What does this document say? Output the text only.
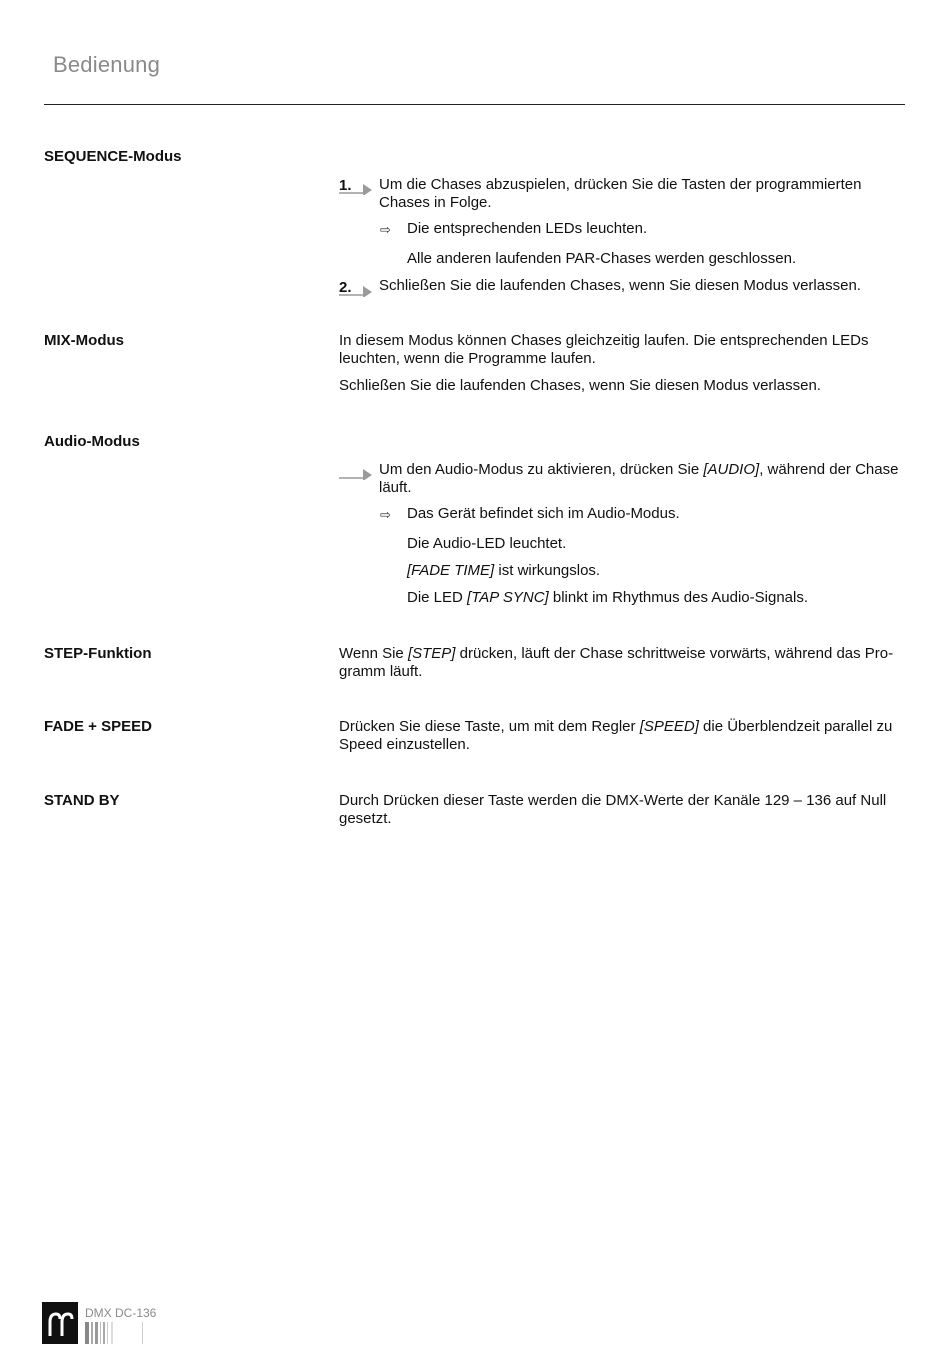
Bedienung
SEQUENCE-Modus
1. Um die Chases abzuspielen, drücken Sie die Tasten der programmierten Chases in Folge.
⇨ Die entsprechenden LEDs leuchten.
Alle anderen laufenden PAR-Chases werden geschlossen.
2. Schließen Sie die laufenden Chases, wenn Sie diesen Modus verlassen.
MIX-Modus	In diesem Modus können Chases gleichzeitig laufen. Die entsprechenden LEDs leuchten, wenn die Programme laufen.
Schließen Sie die laufenden Chases, wenn Sie diesen Modus verlassen.
Audio-Modus
Um den Audio-Modus zu aktivieren, drücken Sie [AUDIO], während der Chase läuft.
⇨ Das Gerät befindet sich im Audio-Modus.
Die Audio-LED leuchtet.
[FADE TIME] ist wirkungslos.
Die LED [TAP SYNC] blinkt im Rhythmus des Audio-Signals.
STEP-Funktion	Wenn Sie [STEP] drücken, läuft der Chase schrittweise vorwärts, während das Pro-gramm läuft.
FADE + SPEED	Drücken Sie diese Taste, um mit dem Regler [SPEED] die Überblendzeit parallel zu Speed einzustellen.
STAND BY	Durch Drücken dieser Taste werden die DMX-Werte der Kanäle 129 – 136 auf Null gesetzt.
DMX DC-136
